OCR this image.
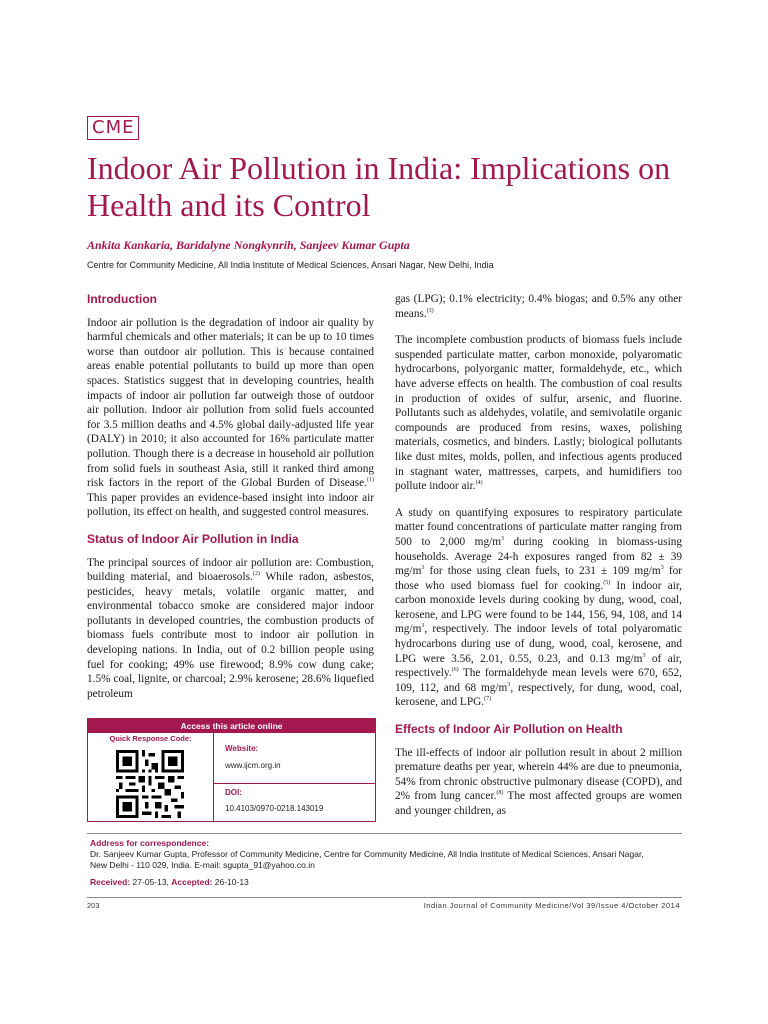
CME
Indoor Air Pollution in India: Implications on Health and its Control
Ankita Kankaria, Baridalyne Nongkynrih, Sanjeev Kumar Gupta
Centre for Community Medicine, All India Institute of Medical Sciences, Ansari Nagar, New Delhi, India
Introduction

Indoor air pollution is the degradation of indoor air quality by harmful chemicals and other materials; it can be up to 10 times worse than outdoor air pollution. This is because contained areas enable potential pollutants to build up more than open spaces. Statistics suggest that in developing countries, health impacts of indoor air pollution far outweigh those of outdoor air pollution. Indoor air pollution from solid fuels accounted for 3.5 million deaths and 4.5% global daily-adjusted life year (DALY) in 2010; it also accounted for 16% particulate matter pollution. Though there is a decrease in household air pollution from solid fuels in southeast Asia, still it ranked third among risk factors in the report of the Global Burden of Disease.$^{(1)}$ This paper provides an evidence-based insight into indoor air pollution, its effect on health, and suggested control measures.

Status of Indoor Air Pollution in India

The principal sources of indoor air pollution are: Combustion, building material, and bioaerosols.$^{(2)}$ While radon, asbestos, pesticides, heavy metals, volatile organic matter, and environmental tobacco smoke are considered major indoor pollutants in developed countries, the combustion products of biomass fuels contribute most to indoor air pollution in developing nations. In India, out of 0.2 billion people using fuel for cooking; 49% use firewood; 8.9% cow dung cake; 1.5% coal, lignite, or charcoal; 2.9% kerosene; 28.6% liquefied petroleum

gas (LPG); 0.1% electricity; 0.4% biogas; and 0.5% any other means.$^{(3)}$

The incomplete combustion products of biomass fuels include suspended particulate matter, carbon monoxide, polyaromatic hydrocarbons, polyorganic matter, formaldehyde, etc., which have adverse effects on health. The combustion of coal results in production of oxides of sulfur, arsenic, and fluorine. Pollutants such as aldehydes, volatile, and semivolatile organic compounds are produced from resins, waxes, polishing materials, cosmetics, and binders. Lastly; biological pollutants like dust mites, molds, pollen, and infectious agents produced in stagnant water, mattresses, carpets, and humidifiers too pollute indoor air.$^{(4)}$

A study on quantifying exposures to respiratory particulate matter found concentrations of particulate matter ranging from 500 to 2,000 $mg/m^3$ during cooking in biomass-using households. Average 24-h exposures ranged from 82 ± 39 $mg/m^3$ for those using clean fuels, to 231 ± 109 $mg/m^3$ for those who used biomass fuel for cooking.$^{(5)}$ In indoor air, carbon monoxide levels during cooking by dung, wood, coal, kerosene, and LPG were found to be 144, 156, 94, 108, and 14 $mg/m^3$, respectively. The indoor levels of total polyaromatic hydrocarbons during use of dung, wood, coal, kerosene, and LPG were 3.56, 2.01, 0.55, 0.23, and 0.13 $mg/m^3$ of air, respectively.$^{(6)}$ The formaldehyde mean levels were 670, 652, 109, 112, and 68 $mg/m^3$, respectively, for dung, wood, coal, kerosene, and LPG.$^{(7)}$

Effects of Indoor Air Pollution on Health

The ill-effects of indoor air pollution result in about 2 million premature deaths per year, wherein 44% are due to pneumonia, 54% from chronic obstructive pulmonary disease (COPD), and 2% from lung cancer.$^{(8)}$ The most affected groups are women and younger children, as

Access this article online
Quick Response Code:
Website:
www.ijcm.org.in
DOI:
10.4103/0970-0218.143019
Address for correspondence:
Dr. Sanjeev Kumar Gupta, Professor of Community Medicine, Centre for Community Medicine, All India Institute of Medical Sciences, Ansari Nagar,
New Delhi - 110 029, India. E-mail: sgupta_91@yahoo.co.in
Received: 27-05-13, Accepted: 26-10-13
203	Indian Journal of Community Medicine/Vol 39/Issue 4/October 2014
